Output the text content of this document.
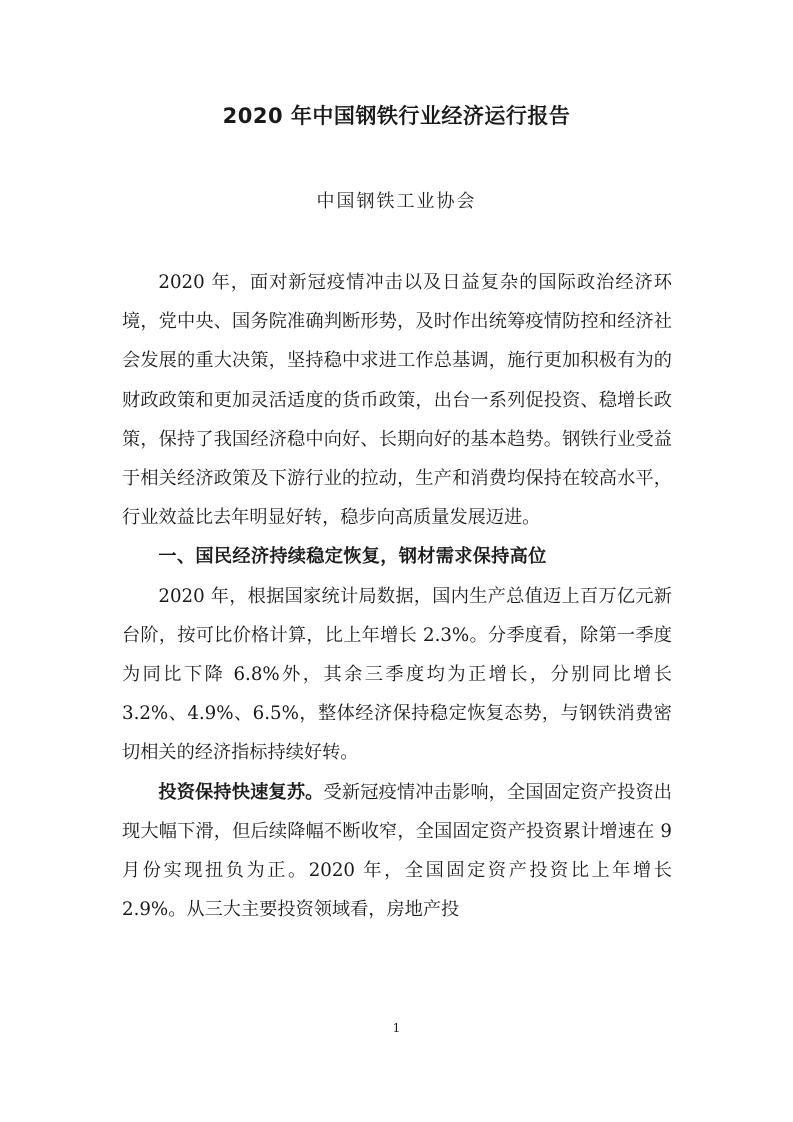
2020 年中国钢铁行业经济运行报告
中国钢铁工业协会

2020 年，面对新冠疫情冲击以及日益复杂的国际政治经济环境，党中央、国务院准确判断形势，及时作出统筹疫情防控和经济社会发展的重大决策，坚持稳中求进工作总基调，施行更加积极有为的财政政策和更加灵活适度的货币政策，出台一系列促投资、稳增长政策，保持了我国经济稳中向好、长期向好的基本趋势。钢铁行业受益于相关经济政策及下游行业的拉动，生产和消费均保持在较高水平，行业效益比去年明显好转，稳步向高质量发展迈进。

一、国民经济持续稳定恢复，钢材需求保持高位

2020 年，根据国家统计局数据，国内生产总值迈上百万亿元新台阶，按可比价格计算，比上年增长 2.3%。分季度看，除第一季度为同比下降 6.8%外，其余三季度均为正增长，分别同比增长 3.2%、4.9%、6.5%，整体经济保持稳定恢复态势，与钢铁消费密切相关的经济指标持续好转。

投资保持快速复苏。受新冠疫情冲击影响，全国固定资产投资出现大幅下滑，但后续降幅不断收窄，全国固定资产投资累计增速在 9 月份实现扭负为正。2020 年，全国固定资产投资比上年增长 2.9%。从三大主要投资领域看，房地产投

1
